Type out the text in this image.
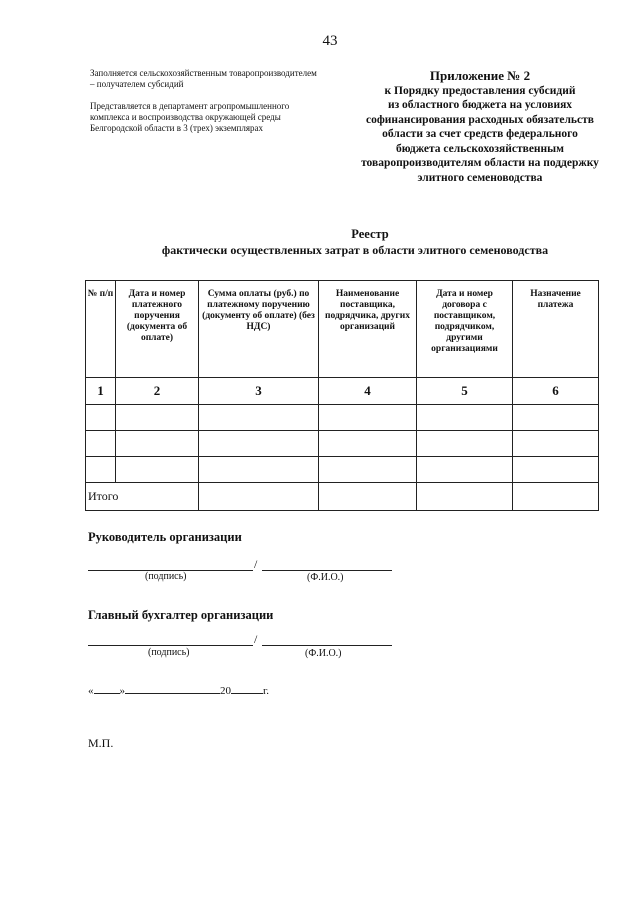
43
Заполняется сельскохозяйственным товаропроизводителем – получателем субсидий
Представляется в департамент агропромышленного комплекса и воспроизводства окружающей среды Белгородской области в 3 (трех) экземплярах
Приложение № 2
к Порядку предоставления субсидий
из областного бюджета на условиях
софинансирования расходных обязательств
области за счет средств федерального
бюджета сельскохозяйственным
товаропроизводителям области на поддержку
элитного семеноводства
Реестр
фактически осуществленных затрат в области элитного семеноводства
№ п/п	Дата и номер платежного поручения (документа об оплате)	Сумма оплаты (руб.) по платежному поручению (документу об оплате) (без НДС)	Наименование поставщика, подрядчика, других организаций	Дата и номер договора с поставщиком, подрядчиком, другими организациями	Назначение платежа
1	2	3	4	5	6

Итого					
Руководитель организации
/
(подпись)	(Ф.И.О.)
Главный бухгалтер организации
/
(подпись)	(Ф.И.О.)
« »	20	г.
М.П.
